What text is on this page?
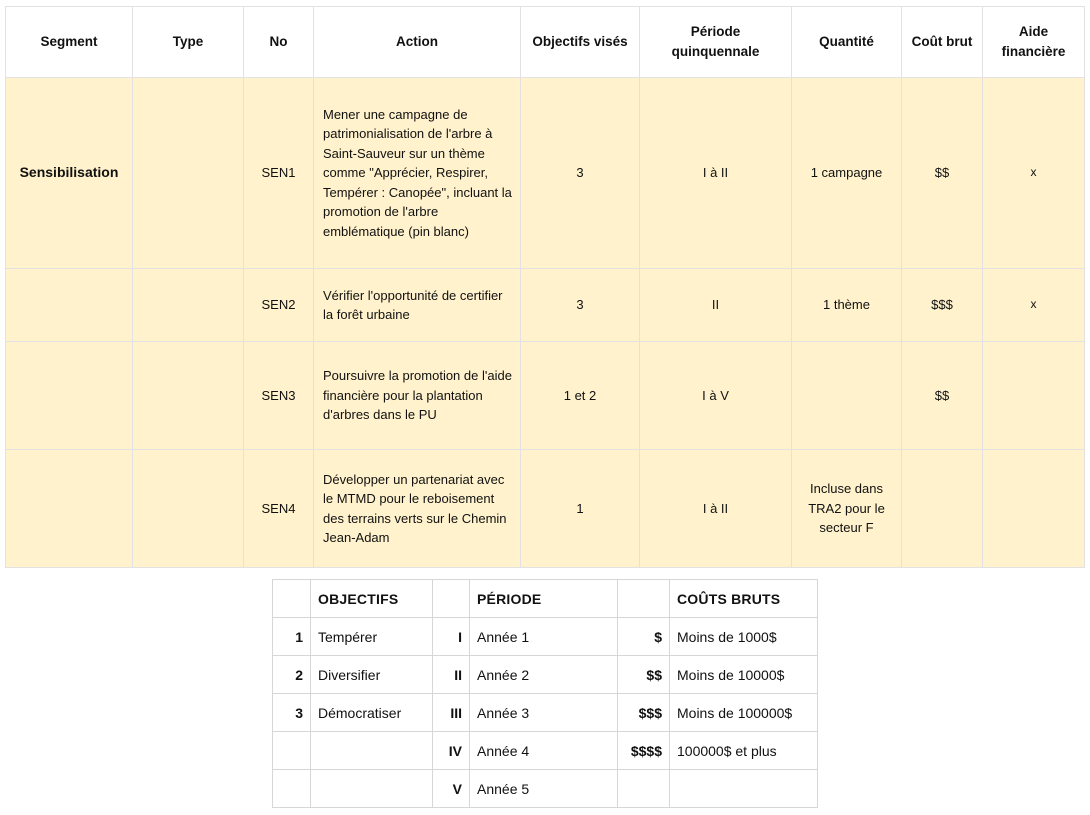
Segment	Type	No	Action	Objectifs visés	Période quinquennale	Quantité	Coût brut	Aide financière
Sensibilisation		SEN1	Mener une campagne de patrimonialisation de l'arbre à Saint-Sauveur sur un thème comme "Apprécier, Respirer, Tempérer : Canopée", incluant la promotion de l'arbre emblématique (pin blanc)	3	I à II	1 campagne	$$	x
		SEN2	Vérifier l'opportunité de certifier la forêt urbaine	3	II	1 thème	$$$	x
		SEN3	Poursuivre la promotion de l'aide financière pour la plantation d'arbres dans le PU	1 et 2	I à V		$$	
		SEN4	Développer un partenariat avec le MTMD pour le reboisement des terrains verts sur le Chemin Jean-Adam	1	I à II	Incluse dans TRA2 pour le secteur F		
	OBJECTIFS		PÉRIODE		COÛTS BRUTS
1	Tempérer	I	Année 1	$	Moins de 1000$
2	Diversifier	II	Année 2	$$	Moins de 10000$
3	Démocratiser	III	Année 3	$$$	Moins de 100000$
		IV	Année 4	$$$$	100000$ et plus
		V	Année 5		
